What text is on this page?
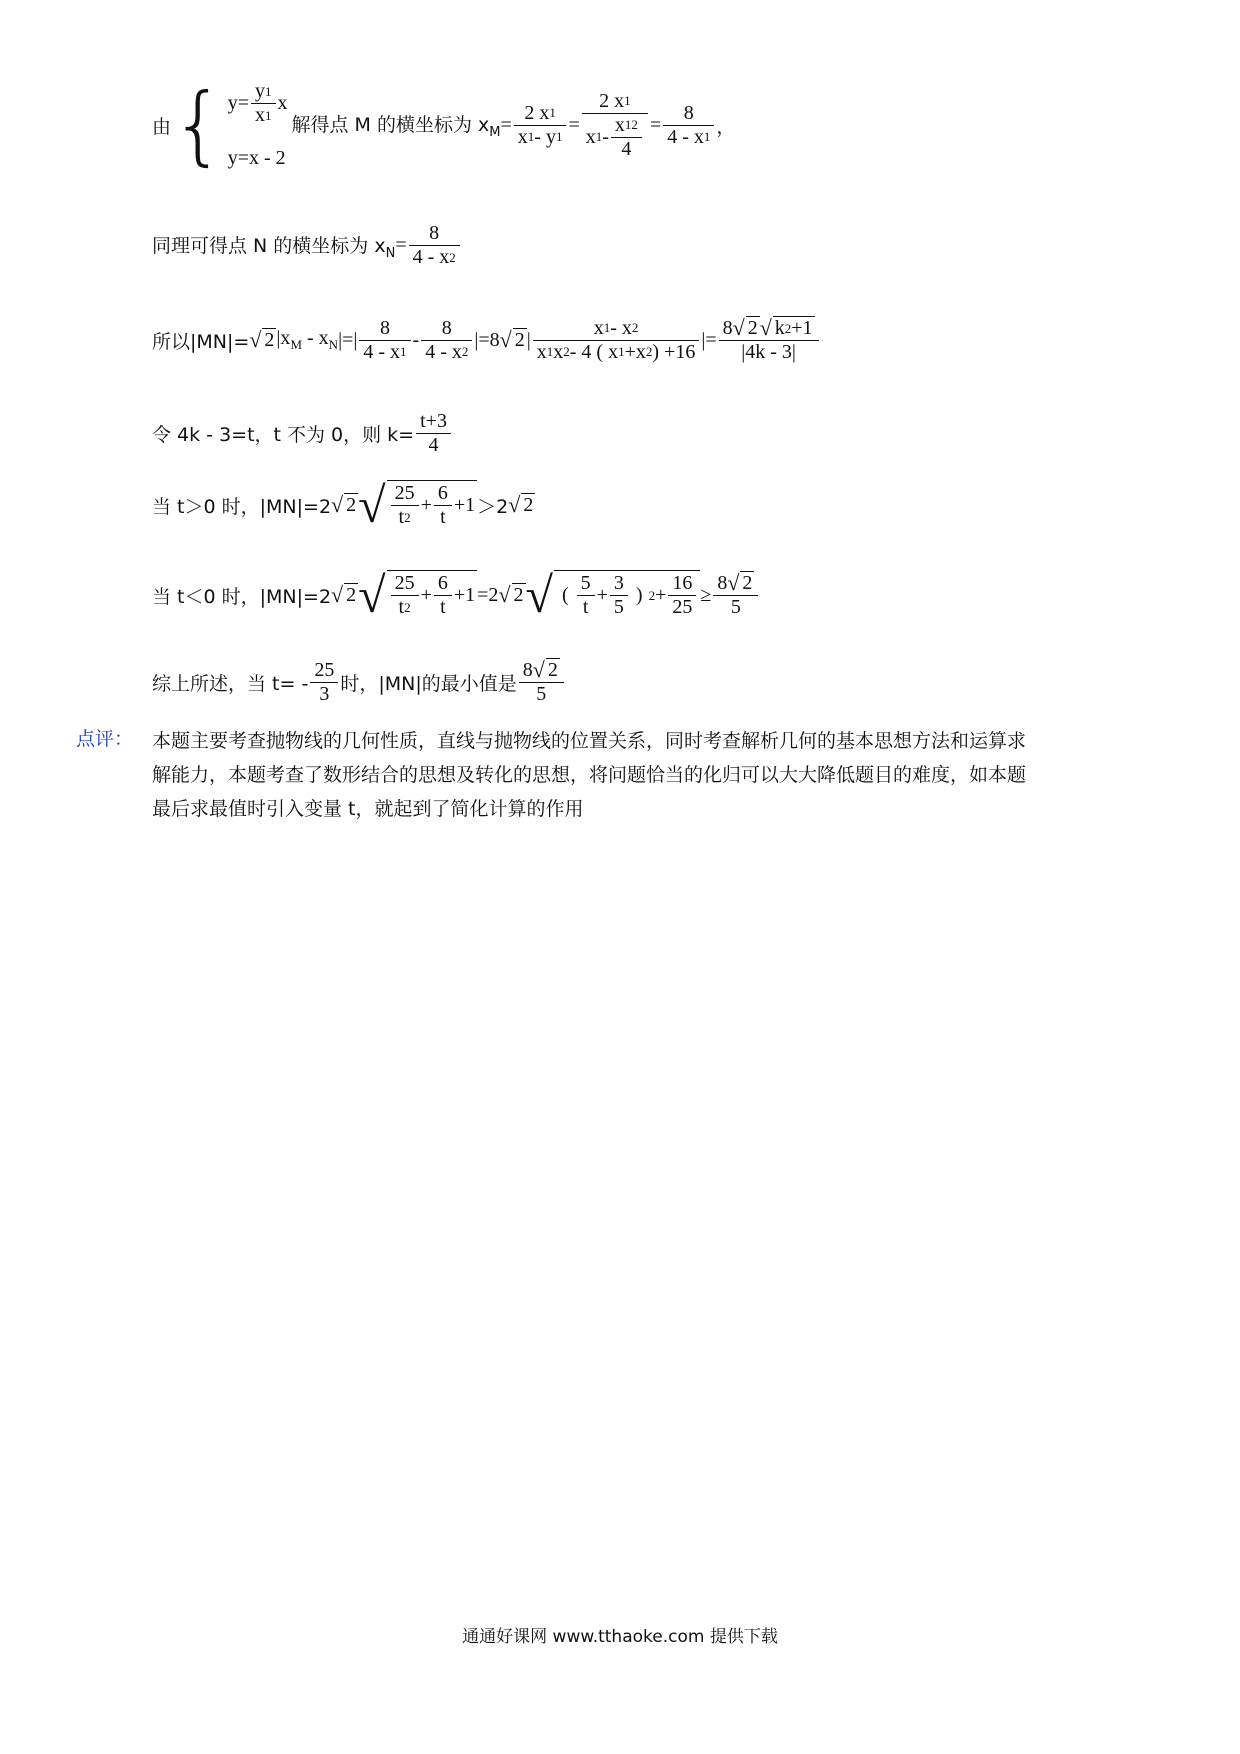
由 { $y= \frac{y 1}{x 1}$ x
y=x - 2
解得点 M 的横坐标为 $x_M = \frac{2 x 1}{x 1 - y 1} = \frac{2 x 1}{x 1 - \frac{x 1 2}{4}} = \frac{8}{4 - x 1}$ ，
同理可得点 N 的横坐标为 $x_N = \frac{8}{4 - x 2}$
所以|MN|= √ 2 $|x_M - x_N$ |=| $\frac{8}{4 - x 1} - \frac{8}{4 - x 2} |=8$ √ 2 | $\frac{x 1 - x 2}{x 1 x 2 - 4 ( x 1 +x 2 ) +16}$ |= $\frac{8 √ 2 √ k 2 +1}{|4k - 3|}$
令 4k - 3=t，t 不为 0，则 $k= \frac{t+3}{4}$
当 t＞0 时，|MN|=2 √ 2 √ $\frac{25}{t 2} + \frac{6}{t} +1 >2$ √ 2
当 t＜0 时，|MN|=2 √ 2 √ $\frac{25}{t 2} + \frac{6}{t} +1 =2$ √ 2 √ ( $\frac{5}{t} + \frac{3}{5}$ ) $2 + \frac{16}{25} \ge \frac{8 √ 2}{5}$
综上所述，当 $t= - \frac{25}{3}$ 时，|MN|的最小值是 $\frac{8 √ 2}{5}$
点评： 本题主要考查抛物线的几何性质，直线与抛物线的位置关系，同时考查解析几何的基本思想方法和运算求
解能力，本题考查了数形结合的思想及转化的思想，将问题恰当的化归可以大大降低题目的难度，如本题
最后求最值时引入变量 t，就起到了简化计算的作用
通通好课网 www.tthaoke.com 提供下载
